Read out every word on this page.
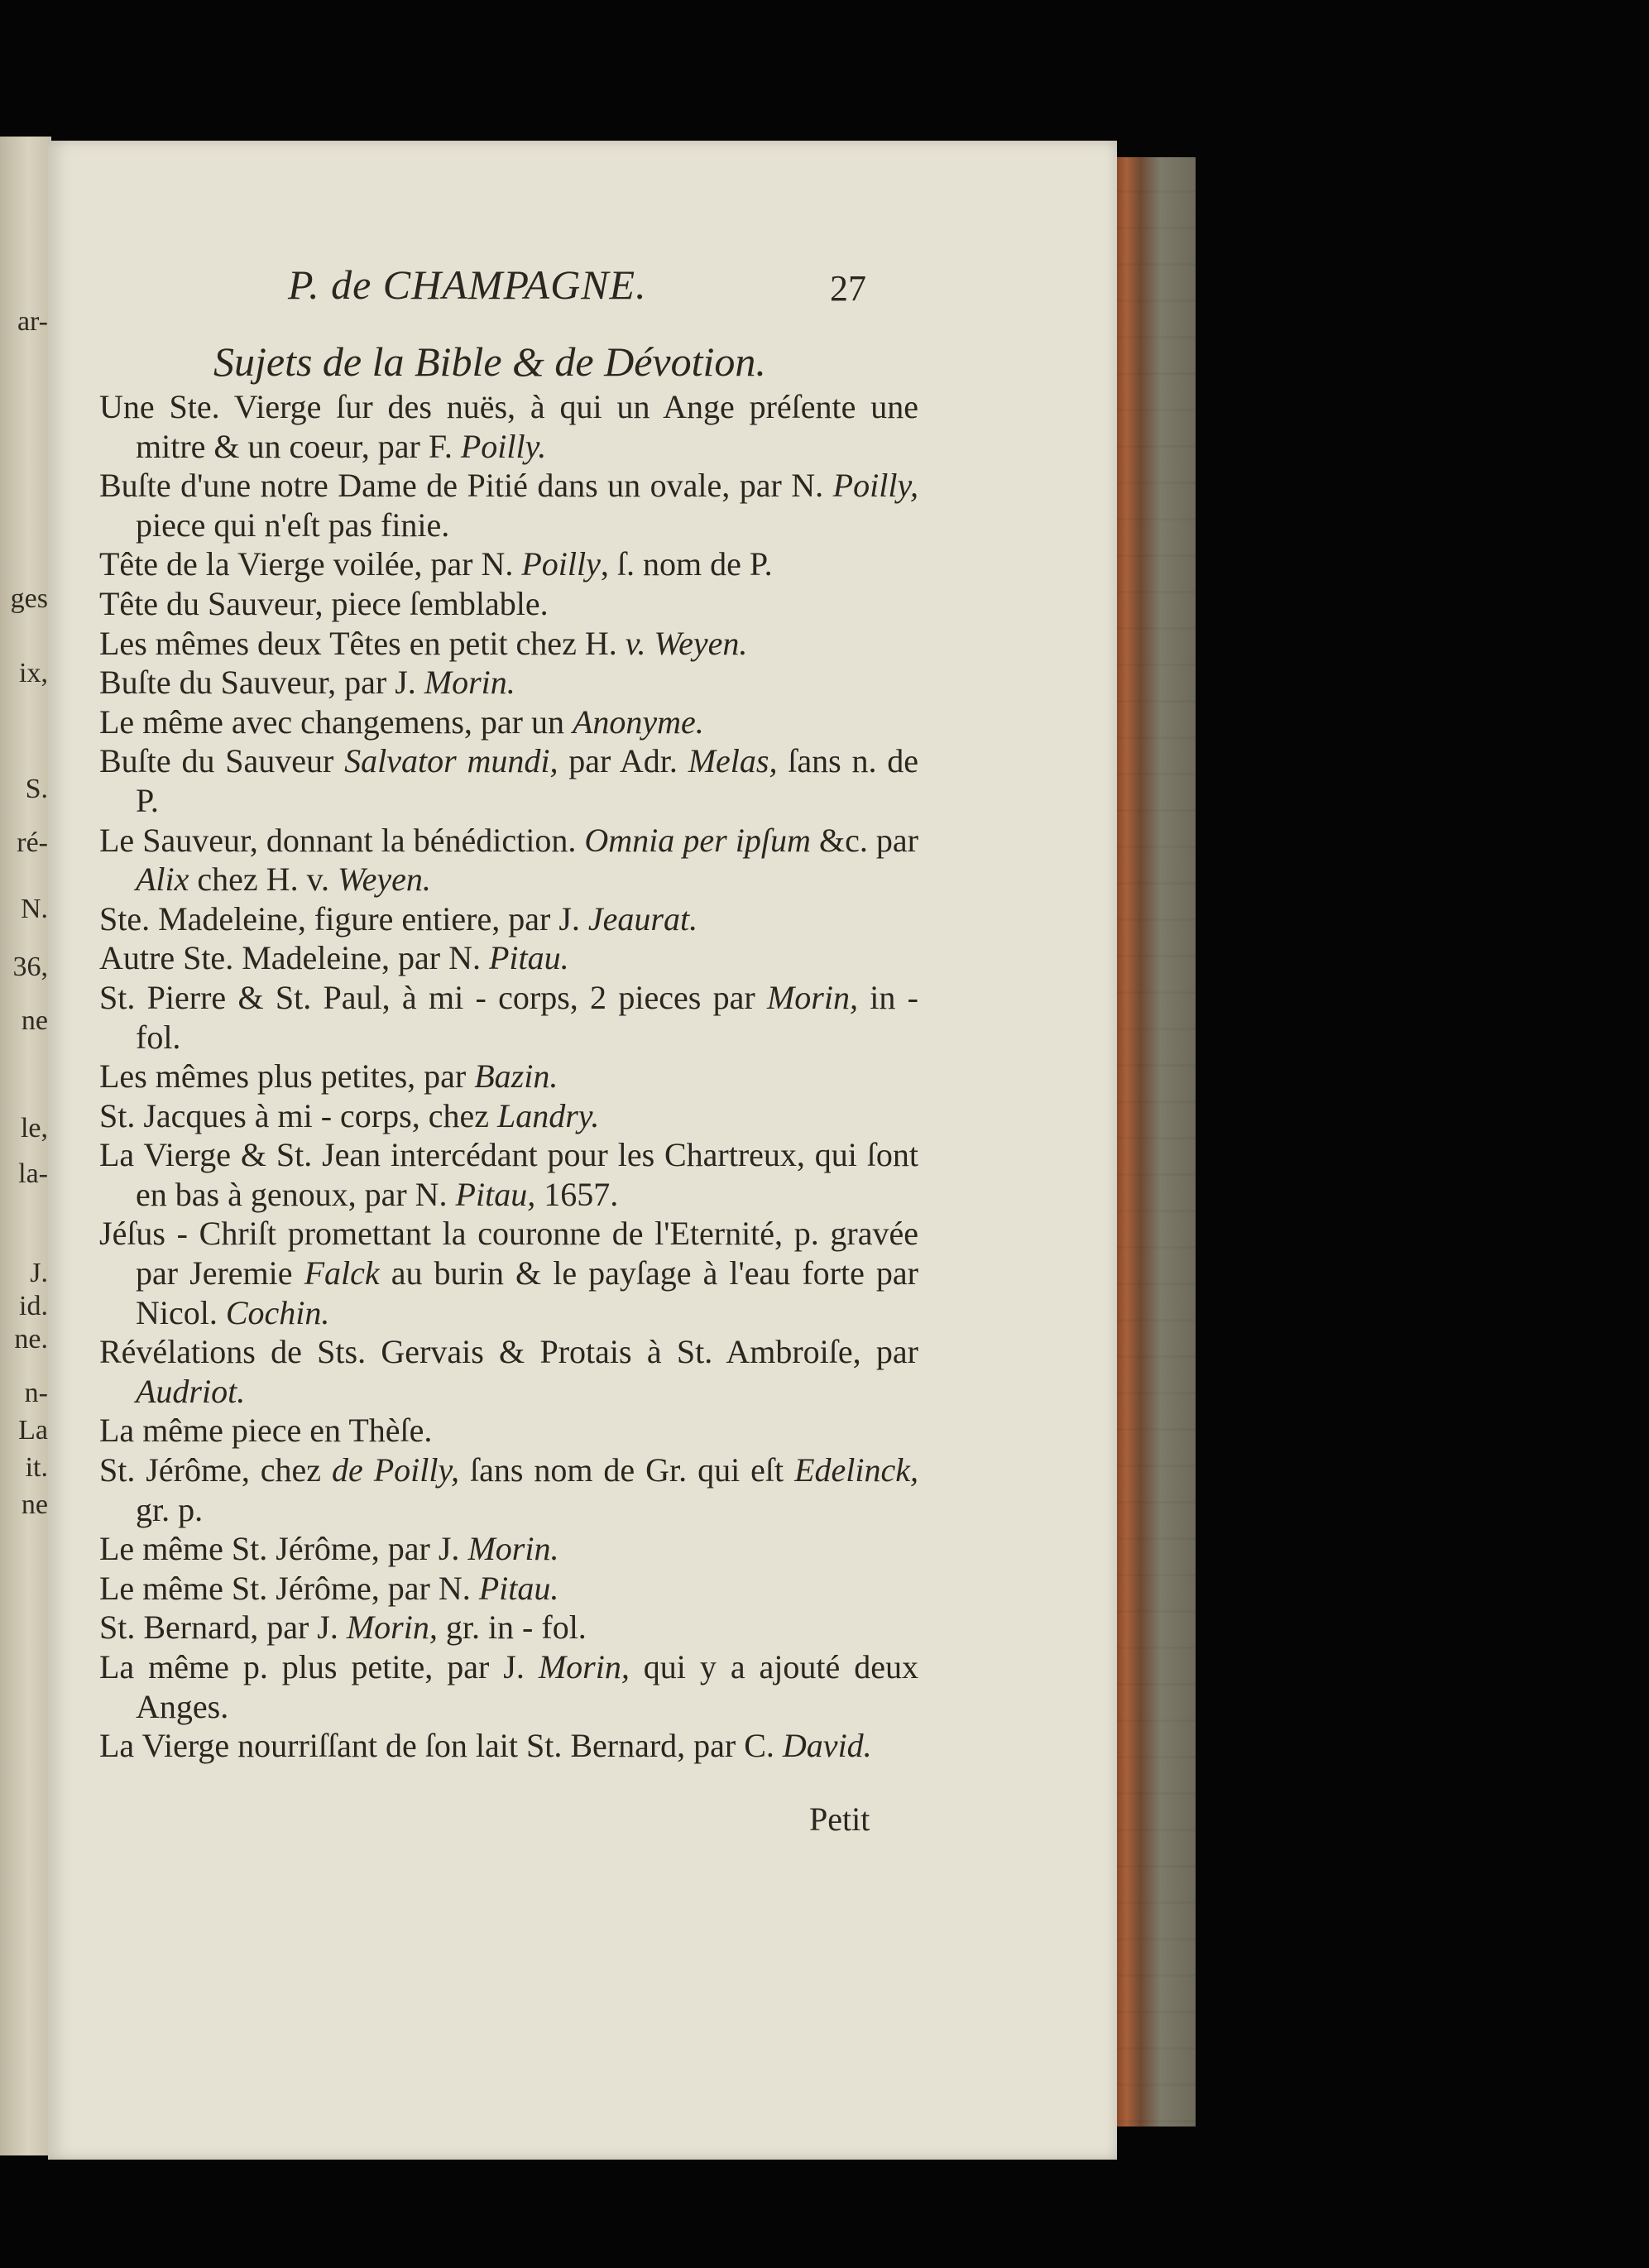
ar-
ges
ix,
S.
ré-
N.
36,
ne
le,
la-
J.
id.
ne.
n-
La
it.
ne
P. de CHAMPAGNE.	27
Sujets de la Bible & de Dévotion.
Une Ste. Vierge ſur des nuës, à qui un Ange préſente une mitre & un coeur, par F. Poilly.
Buſte d'une notre Dame de Pitié dans un ovale, par N. Poilly, piece qui n'eſt pas finie.
Tête de la Vierge voilée, par N. Poilly, ſ. nom de P.
Tête du Sauveur, piece ſemblable.
Les mêmes deux Têtes en petit chez H. v. Weyen.
Buſte du Sauveur, par J. Morin.
Le même avec changemens, par un Anonyme.
Buſte du Sauveur Salvator mundi, par Adr. Melas, ſans n. de P.
Le Sauveur, donnant la bénédiction. Omnia per ipſum &c. par Alix chez H. v. Weyen.
Ste. Madeleine, figure entiere, par J. Jeaurat.
Autre Ste. Madeleine, par N. Pitau.
St. Pierre & St. Paul, à mi - corps, 2 pieces par Morin, in - fol.
Les mêmes plus petites, par Bazin.
St. Jacques à mi - corps, chez Landry.
La Vierge & St. Jean intercédant pour les Chartreux, qui ſont en bas à genoux, par N. Pitau, 1657.
Jéſus - Chriſt promettant la couronne de l'Eternité, p. gravée par Jeremie Falck au burin & le payſage à l'eau forte par Nicol. Cochin.
Révélations de Sts. Gervais & Protais à St. Ambroiſe, par Audriot.
La même piece en Thèſe.
St. Jérôme, chez de Poilly, ſans nom de Gr. qui eſt Edelinck, gr. p.
Le même St. Jérôme, par J. Morin.
Le même St. Jérôme, par N. Pitau.
St. Bernard, par J. Morin, gr. in - fol.
La même p. plus petite, par J. Morin, qui y a ajouté deux Anges.
La Vierge nourriſſant de ſon lait St. Bernard, par C. David.
Petit
